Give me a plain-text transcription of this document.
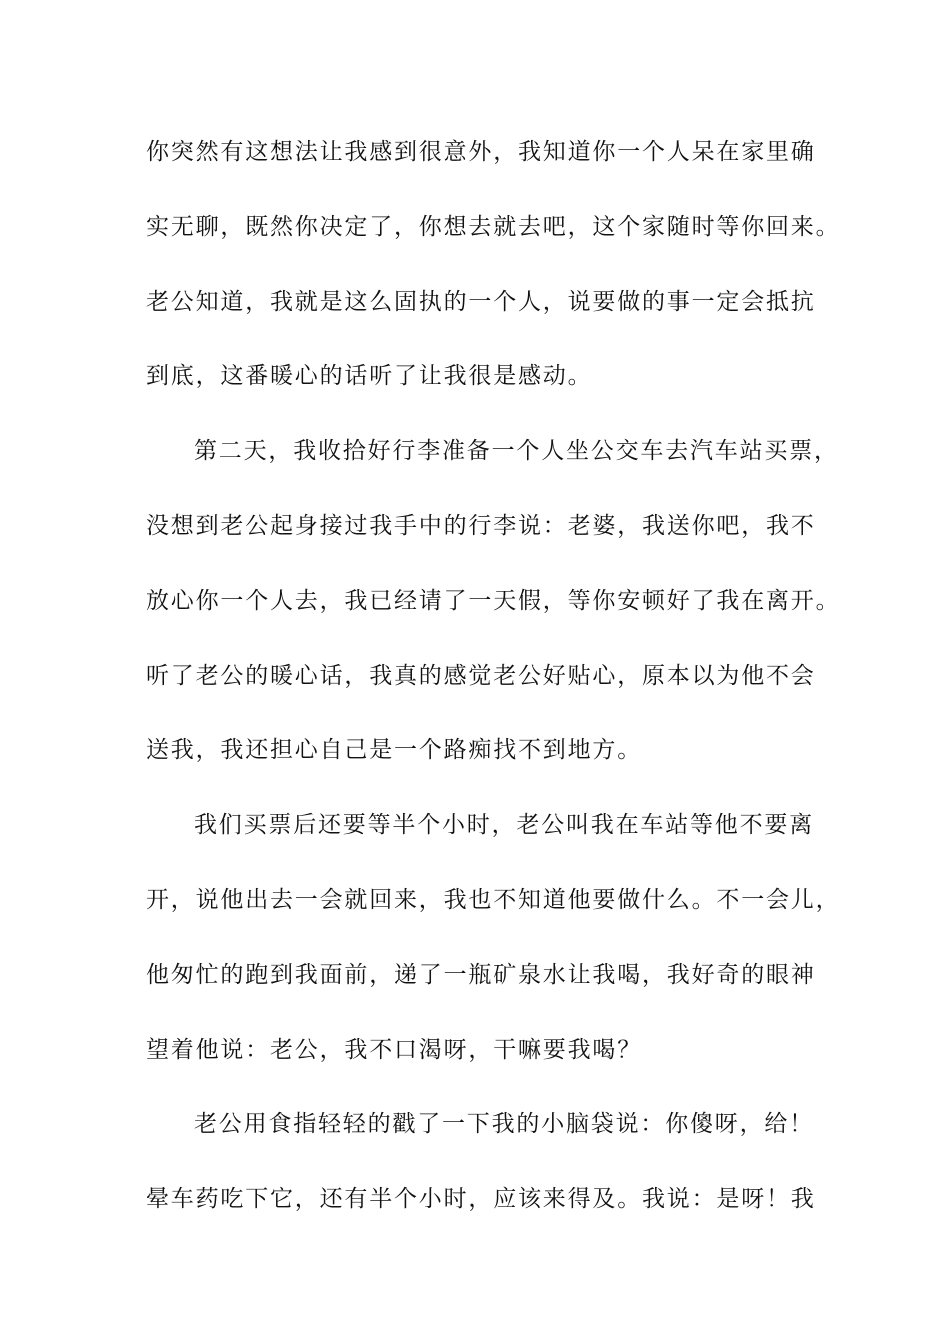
你突然有这想法让我感到很意外，我知道你一个人呆在家里确
实无聊，既然你决定了，你想去就去吧，这个家随时等你回来。
老公知道，我就是这么固执的一个人，说要做的事一定会抵抗
到底，这番暖心的话听了让我很是感动。
第二天，我收拾好行李准备一个人坐公交车去汽车站买票，
没想到老公起身接过我手中的行李说：老婆，我送你吧，我不
放心你一个人去，我已经请了一天假，等你安顿好了我在离开。
听了老公的暖心话，我真的感觉老公好贴心，原本以为他不会
送我，我还担心自己是一个路痴找不到地方。
我们买票后还要等半个小时，老公叫我在车站等他不要离
开，说他出去一会就回来，我也不知道他要做什么。不一会儿，
他匆忙的跑到我面前，递了一瓶矿泉水让我喝，我好奇的眼神
望着他说：老公，我不口渴呀，干嘛要我喝？
老公用食指轻轻的戳了一下我的小脑袋说：你傻呀，给！
晕车药吃下它，还有半个小时，应该来得及。我说：是呀！我
